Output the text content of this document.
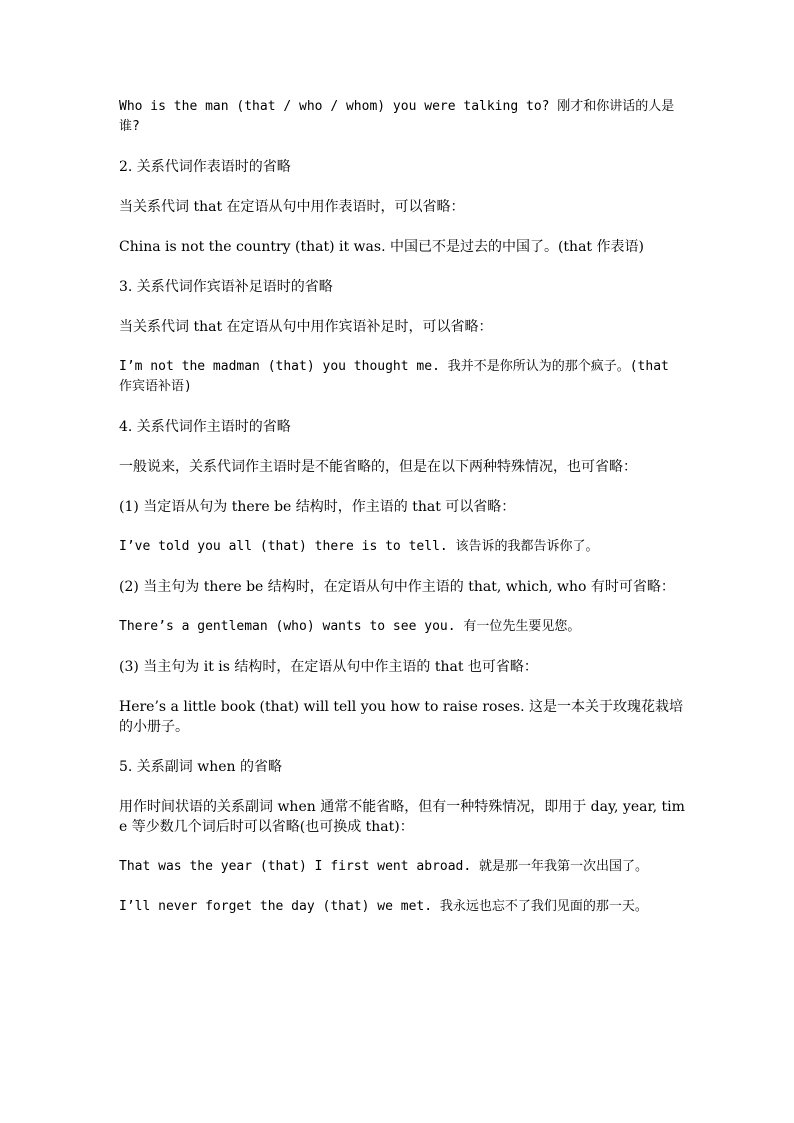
Who is the man (that / who / whom) you were talking to? 刚才和你讲话的人是谁?

2. 关系代词作表语时的省略

当关系代词 that 在定语从句中用作表语时，可以省略：

China is not the country (that) it was. 中国已不是过去的中国了。(that 作表语)

3. 关系代词作宾语补足语时的省略

当关系代词 that 在定语从句中用作宾语补足时，可以省略：

I’m not the madman (that) you thought me. 我并不是你所认为的那个疯子。(that 作宾语补语)

4. 关系代词作主语时的省略

一般说来，关系代词作主语时是不能省略的，但是在以下两种特殊情况，也可省略：

(1) 当定语从句为 there be 结构时，作主语的 that 可以省略：

I’ve told you all (that) there is to tell. 该告诉的我都告诉你了。

(2) 当主句为 there be 结构时，在定语从句中作主语的 that, which, who 有时可省略：

There’s a gentleman (who) wants to see you. 有一位先生要见您。

(3) 当主句为 it is 结构时，在定语从句中作主语的 that 也可省略：

Here’s a little book (that) will tell you how to raise roses. 这是一本关于玫瑰花栽培的小册子。

5. 关系副词 when 的省略

用作时间状语的关系副词 when 通常不能省略，但有一种特殊情况，即用于 day, year, time 等少数几个词后时可以省略(也可换成 that)：

That was the year (that) I first went abroad. 就是那一年我第一次出国了。

I’ll never forget the day (that) we met. 我永远也忘不了我们见面的那一天。
